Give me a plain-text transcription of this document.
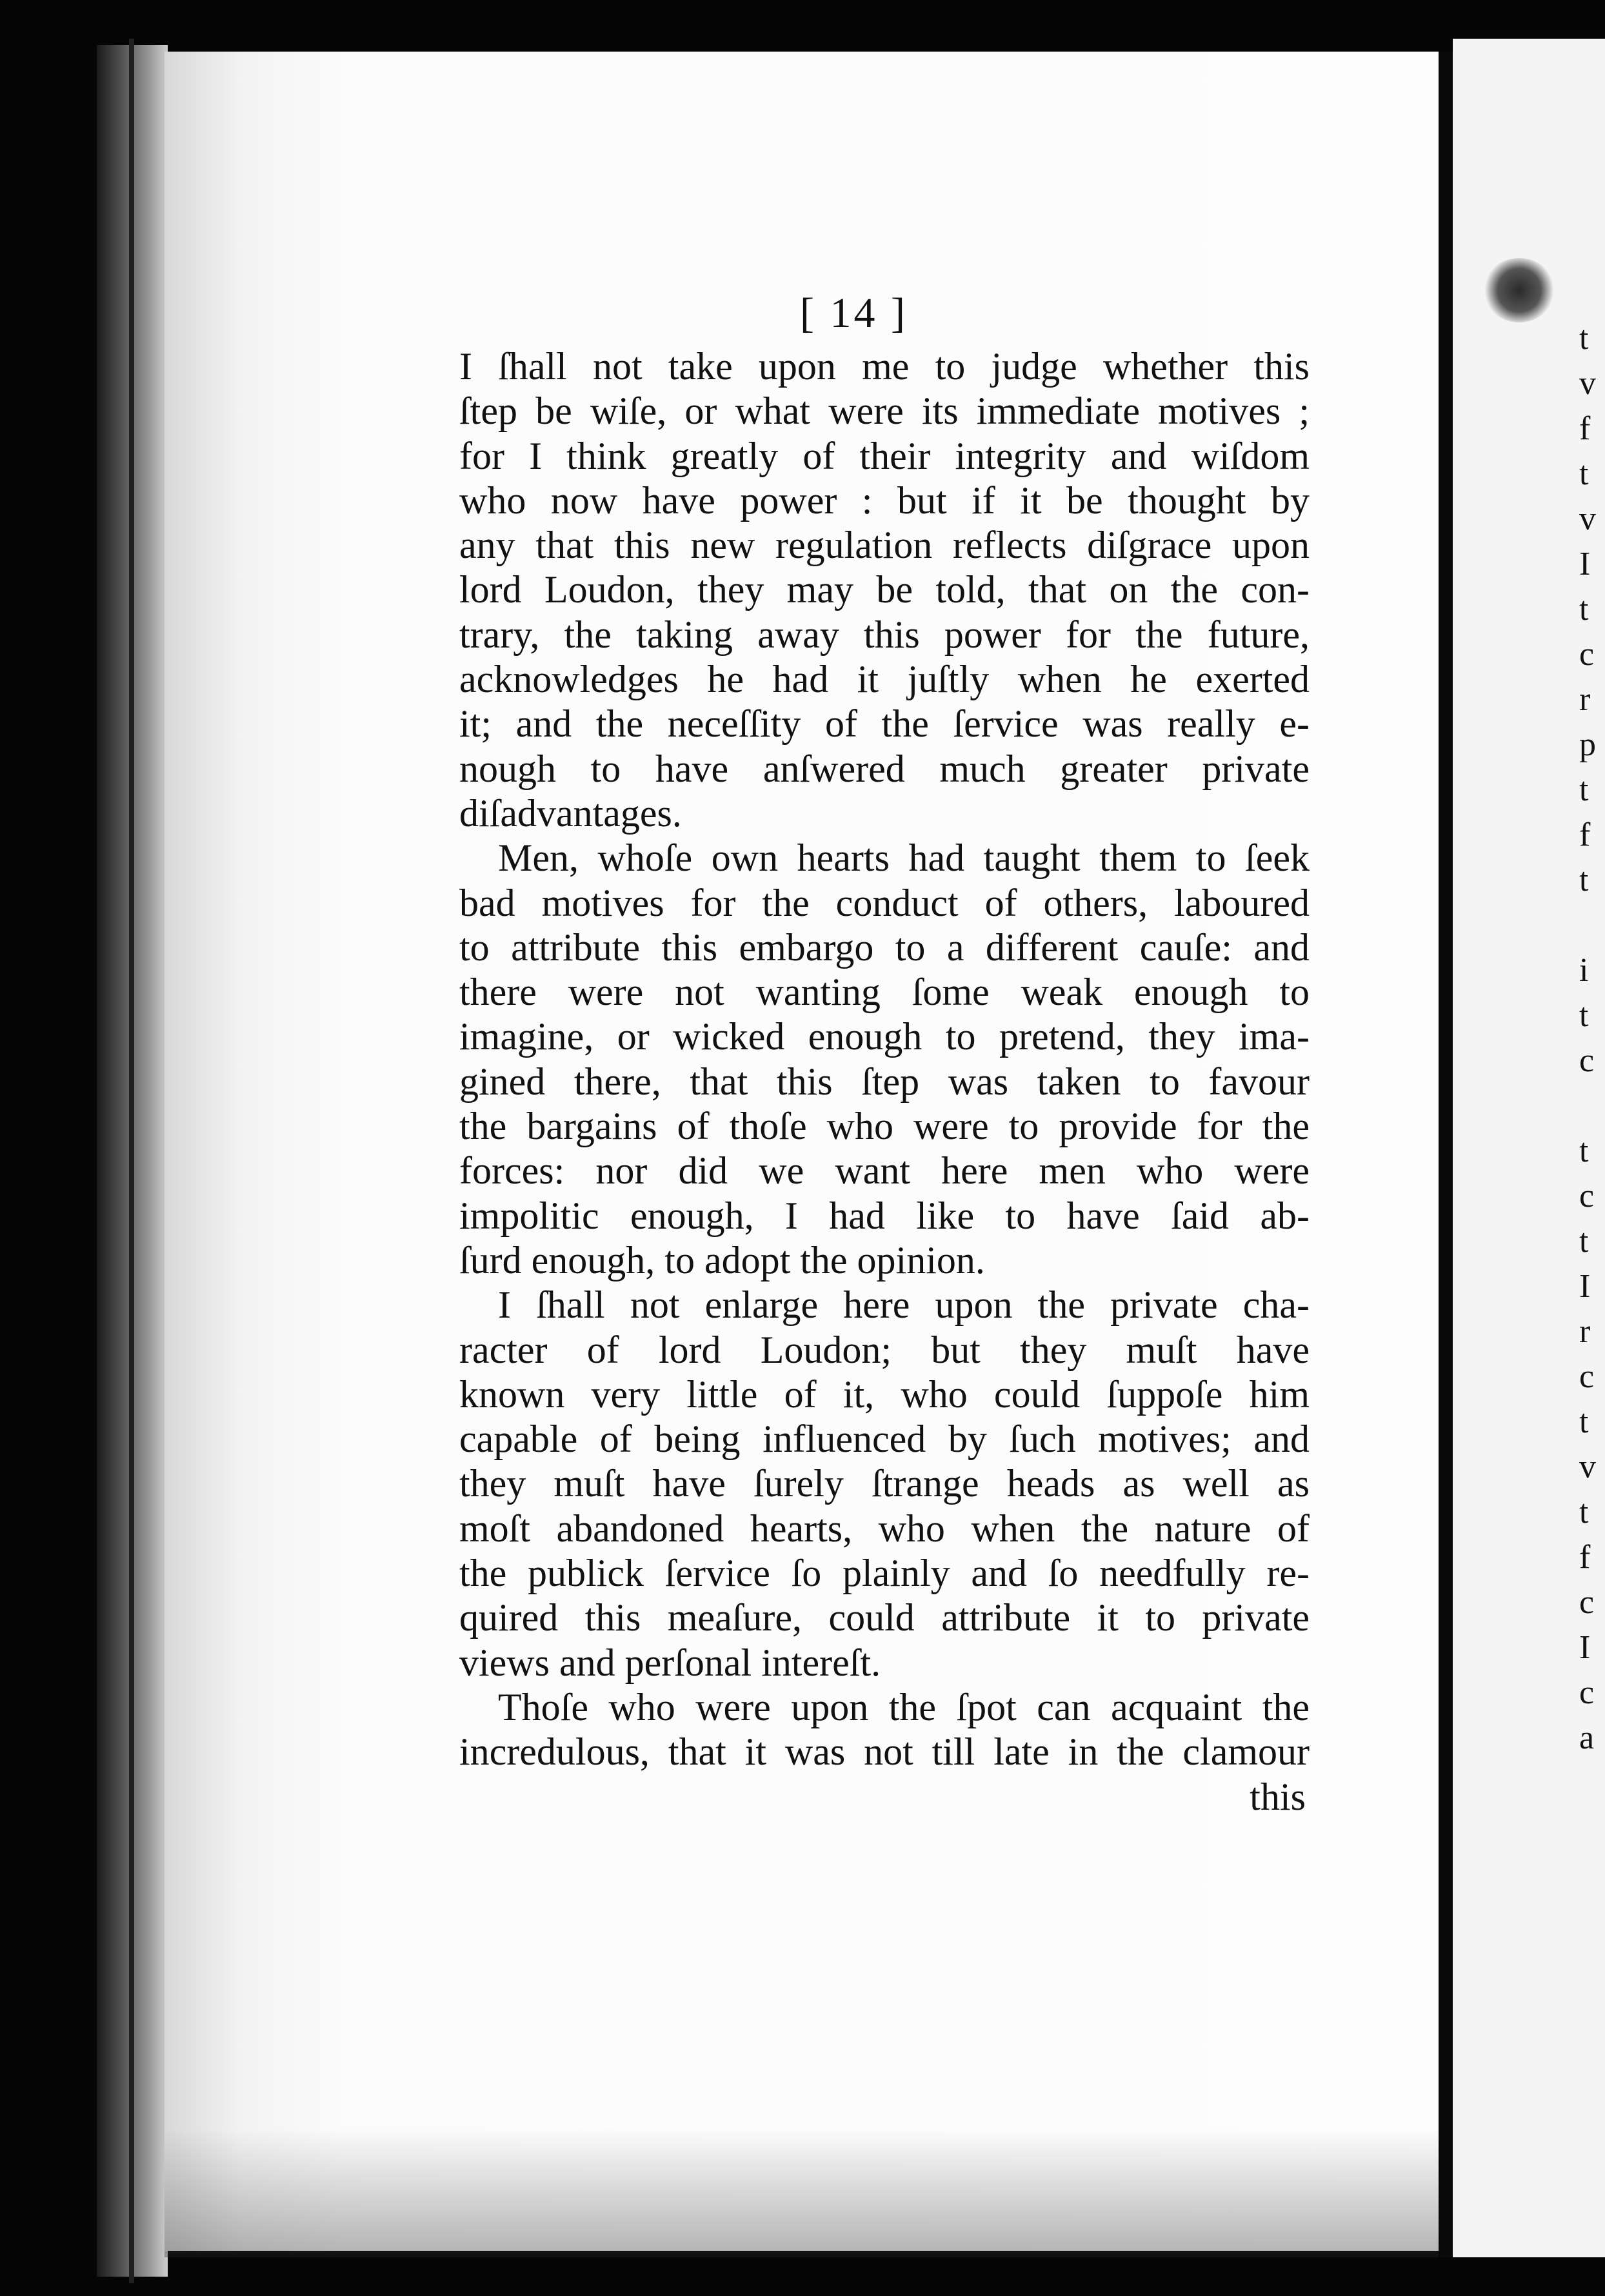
t
v
f
t
v
I
t
c
r
p
t
f
t
i
t
c
t
c
t
I
r
c
t
v
t
f
c
I
c
a
[ 14 ]
I ſhall not take upon me to judge whether this
ſtep be wiſe, or what were its immediate motives ;
for I think greatly of their integrity and wiſdom
who now have power : but if it be thought by
any that this new regulation reflects diſgrace upon
lord Loudon, they may be told, that on the con-
trary, the taking away this power for the future,
acknowledges he had it juſtly when he exerted
it; and the neceſſity of the ſervice was really e-
nough to have anſwered much greater private
diſadvantages.
Men, whoſe own hearts had taught them to ſeek
bad motives for the conduct of others, laboured
to attribute this embargo to a different cauſe: and
there were not wanting ſome weak enough to
imagine, or wicked enough to pretend, they ima-
gined there, that this ſtep was taken to favour
the bargains of thoſe who were to provide for the
forces: nor did we want here men who were
impolitic enough, I had like to have ſaid ab-
ſurd enough, to adopt the opinion.
I ſhall not enlarge here upon the private cha-
racter of lord Loudon; but they muſt have
known very little of it, who could ſuppoſe him
capable of being influenced by ſuch motives; and
they muſt have ſurely ſtrange heads as well as
moſt abandoned hearts, who when the nature of
the publick ſervice ſo plainly and ſo needfully re-
quired this meaſure, could attribute it to private
views and perſonal intereſt.
Thoſe who were upon the ſpot can acquaint the
incredulous, that it was not till late in the clamour
this
